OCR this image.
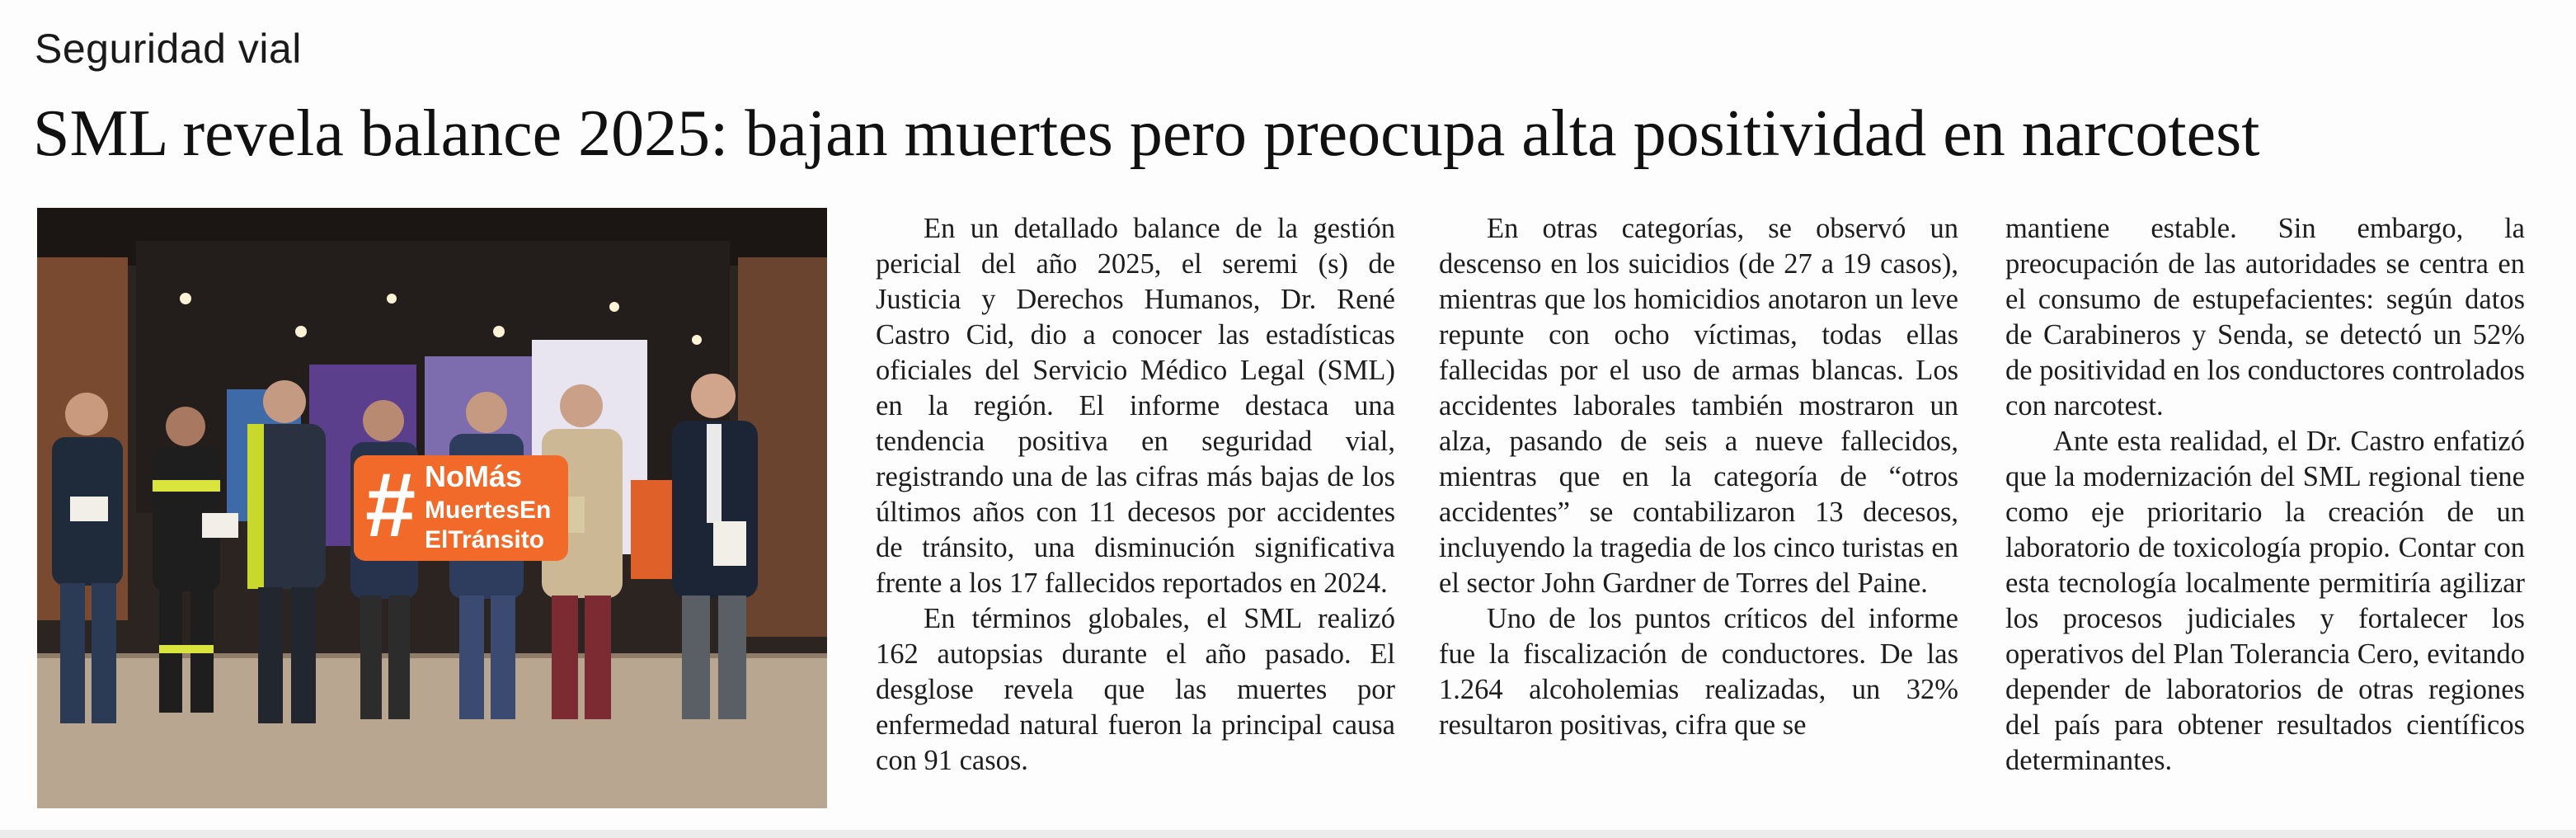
Seguridad vial
SML revela balance 2025: bajan muertes pero preocupa alta positividad en narcotest
# NoMás
MuertesEn
ElTránsito

En un detallado balance de la gestión pericial del año 2025, el seremi (s) de Justicia y Derechos Humanos, Dr. René Castro Cid, dio a conocer las estadísticas oficiales del Servicio Médico Legal (SML) en la región. El informe destaca una tendencia positiva en seguridad vial, registrando una de las cifras más bajas de los últimos años con 11 decesos por accidentes de tránsito, una disminución significativa frente a los 17 fallecidos reportados en 2024.

En términos globales, el SML realizó 162 autopsias durante el año pasado. El desglose revela que las muertes por enfermedad natural fueron la principal causa con 91 casos.

En otras categorías, se observó un descenso en los suicidios (de 27 a 19 casos), mientras que los homicidios anotaron un leve repunte con ocho víctimas, todas ellas fallecidas por el uso de armas blancas. Los accidentes laborales también mostraron un alza, pasando de seis a nueve fallecidos, mientras que en la categoría de “otros accidentes” se contabilizaron 13 decesos, incluyendo la tragedia de los cinco turistas en el sector John Gardner de Torres del Paine.

Uno de los puntos críticos del informe fue la fiscalización de conductores. De las 1.264 alcoholemias realizadas, un 32% resultaron positivas, cifra que se

mantiene estable. Sin embargo, la preocupación de las autoridades se centra en el consumo de estupefacientes: según datos de Carabineros y Senda, se detectó un 52% de positividad en los conductores controlados con narcotest.

Ante esta realidad, el Dr. Castro enfatizó que la modernización del SML regional tiene como eje prioritario la creación de un laboratorio de toxicología propio. Contar con esta tecnología localmente permitiría agilizar los procesos judiciales y fortalecer los operativos del Plan Tolerancia Cero, evitando depender de laboratorios de otras regiones del país para obtener resultados científicos determinantes.
